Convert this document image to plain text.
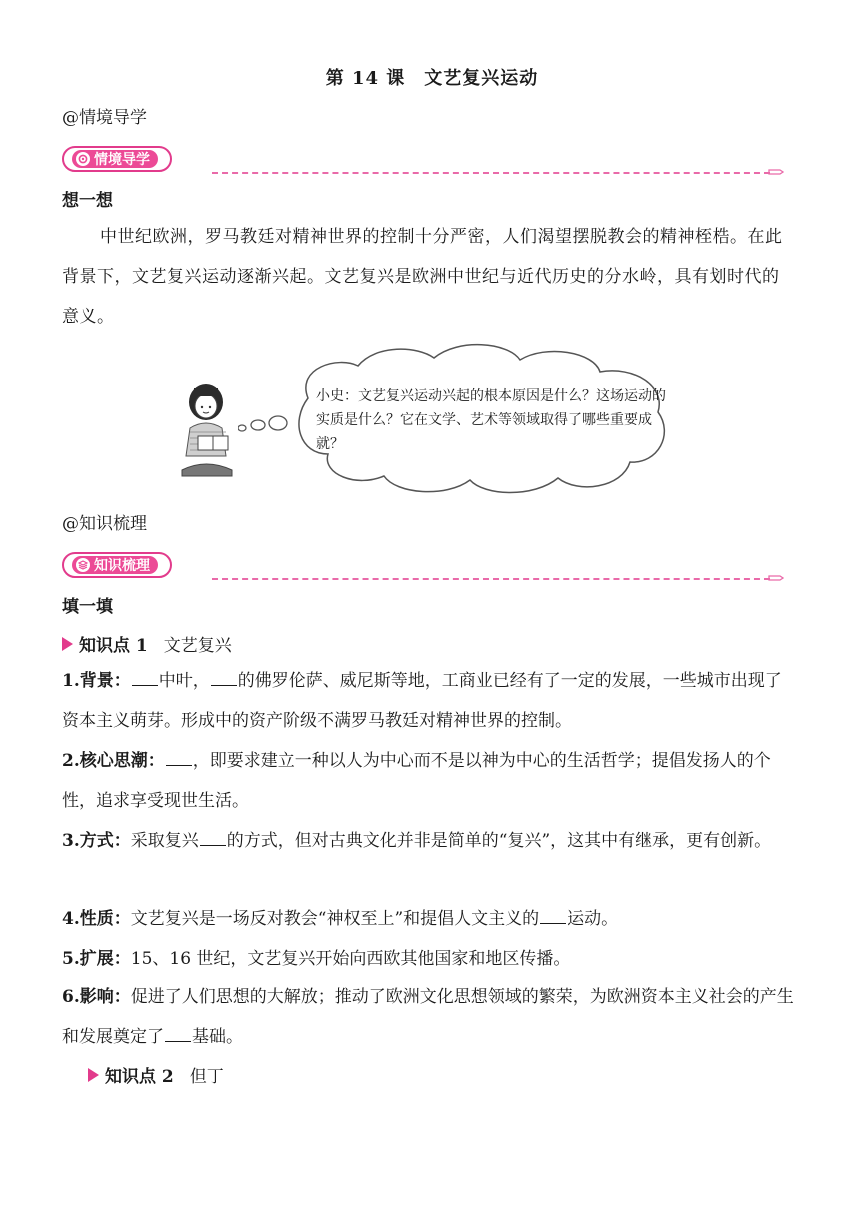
第 14 课　文艺复兴运动
@情境导学
情境导学
想一想
中世纪欧洲，罗马教廷对精神世界的控制十分严密，人们渴望摆脱教会的精神桎梏。在此背景下，文艺复兴运动逐渐兴起。文艺复兴是欧洲中世纪与近代历史的分水岭，具有划时代的意义。
小史：文艺复兴运动兴起的根本原因是什么？这场运动的实质是什么？它在文学、艺术等领域取得了哪些重要成就？
@知识梳理
知识梳理
填一填
知识点 1 文艺复兴
1.背景： 中叶， 的佛罗伦萨、威尼斯等地，工商业已经有了一定的发展，一些城市出现了资本主义萌芽。形成中的资产阶级不满罗马教廷对精神世界的控制。
2.核心思潮： ，即要求建立一种以人为中心而不是以神为中心的生活哲学；提倡发扬人的个性，追求享受现世生活。
3.方式：采取复兴 的方式，但对古典文化并非是简单的“复兴”，这其中有继承，更有创新。
4.性质：文艺复兴是一场反对教会“神权至上”和提倡人文主义的 运动。
5.扩展：15、16 世纪，文艺复兴开始向西欧其他国家和地区传播。
6.影响：促进了人们思想的大解放；推动了欧洲文化思想领域的繁荣，为欧洲资本主义社会的产生和发展奠定了 基础。
知识点 2 但丁
